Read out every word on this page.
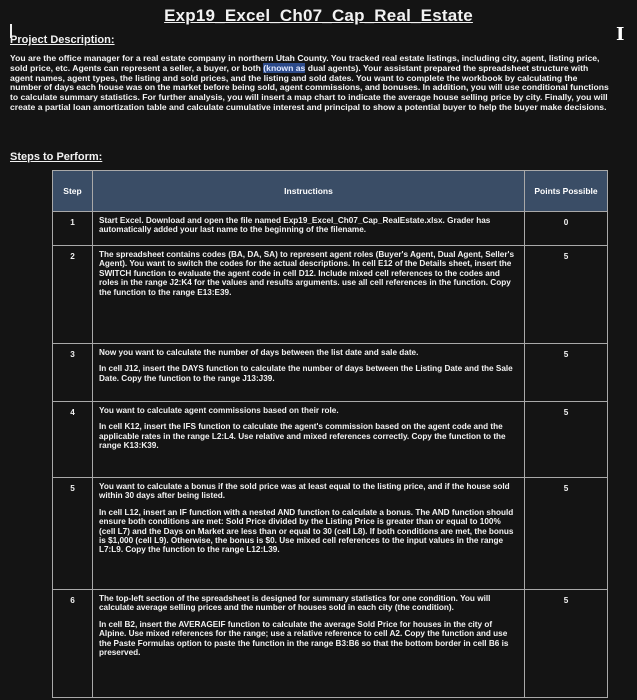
Exp19_Excel_Ch07_Cap_Real_Estate
I
Project Description:

You are the office manager for a real estate company in northern Utah County. You tracked real estate listings, including city, agent, listing price, sold price, etc. Agents can represent a seller, a buyer, or both (known as dual agents). Your assistant prepared the spreadsheet structure with agent names, agent types, the listing and sold prices, and the listing and sold dates. You want to complete the workbook by calculating the number of days each house was on the market before being sold, agent commissions, and bonuses. In addition, you will use conditional functions to calculate summary statistics. For further analysis, you will insert a map chart to indicate the average house selling price by city. Finally, you will create a partial loan amortization table and calculate cumulative interest and principal to show a potential buyer to help the buyer make decisions.

Steps to Perform:
Step	Instructions	Points Possible
1	Start Excel. Download and open the file named Exp19_Excel_Ch07_Cap_RealEstate.xlsx. Grader has automatically added your last name to the beginning of the filename.	0
2	The spreadsheet contains codes (BA, DA, SA) to represent agent roles (Buyer's Agent, Dual Agent, Seller's Agent). You want to switch the codes for the actual descriptions. In cell E12 of the Details sheet, insert the SWITCH function to evaluate the agent code in cell D12. Include mixed cell references to the codes and roles in the range J2:K4 for the values and results arguments. use all cell references in the function. Copy the function to the range E13:E39.	5
3	Now you want to calculate the number of days between the list date and sale date.

In cell J12, insert the DAYS function to calculate the number of days between the Listing Date and the Sale Date. Copy the function to the range J13:J39.	5
4	You want to calculate agent commissions based on their role.

In cell K12, insert the IFS function to calculate the agent's commission based on the agent code and the applicable rates in the range L2:L4. Use relative and mixed references correctly. Copy the function to the range K13:K39.	5
5	You want to calculate a bonus if the sold price was at least equal to the listing price, and if the house sold within 30 days after being listed.

In cell L12, insert an IF function with a nested AND function to calculate a bonus. The AND function should ensure both conditions are met: Sold Price divided by the Listing Price is greater than or equal to 100% (cell L7) and the Days on Market are less than or equal to 30 (cell L8). If both conditions are met, the bonus is $1,000 (cell L9). Otherwise, the bonus is $0. Use mixed cell references to the input values in the range L7:L9. Copy the function to the range L12:L39.	5
6	The top-left section of the spreadsheet is designed for summary statistics for one condition. You will calculate average selling prices and the number of houses sold in each city (the condition).

In cell B2, insert the AVERAGEIF function to calculate the average Sold Price for houses in the city of Alpine. Use mixed references for the range; use a relative reference to cell A2. Copy the function and use the Paste Formulas option to paste the function in the range B3:B6 so that the bottom border in cell B6 is preserved.	5
